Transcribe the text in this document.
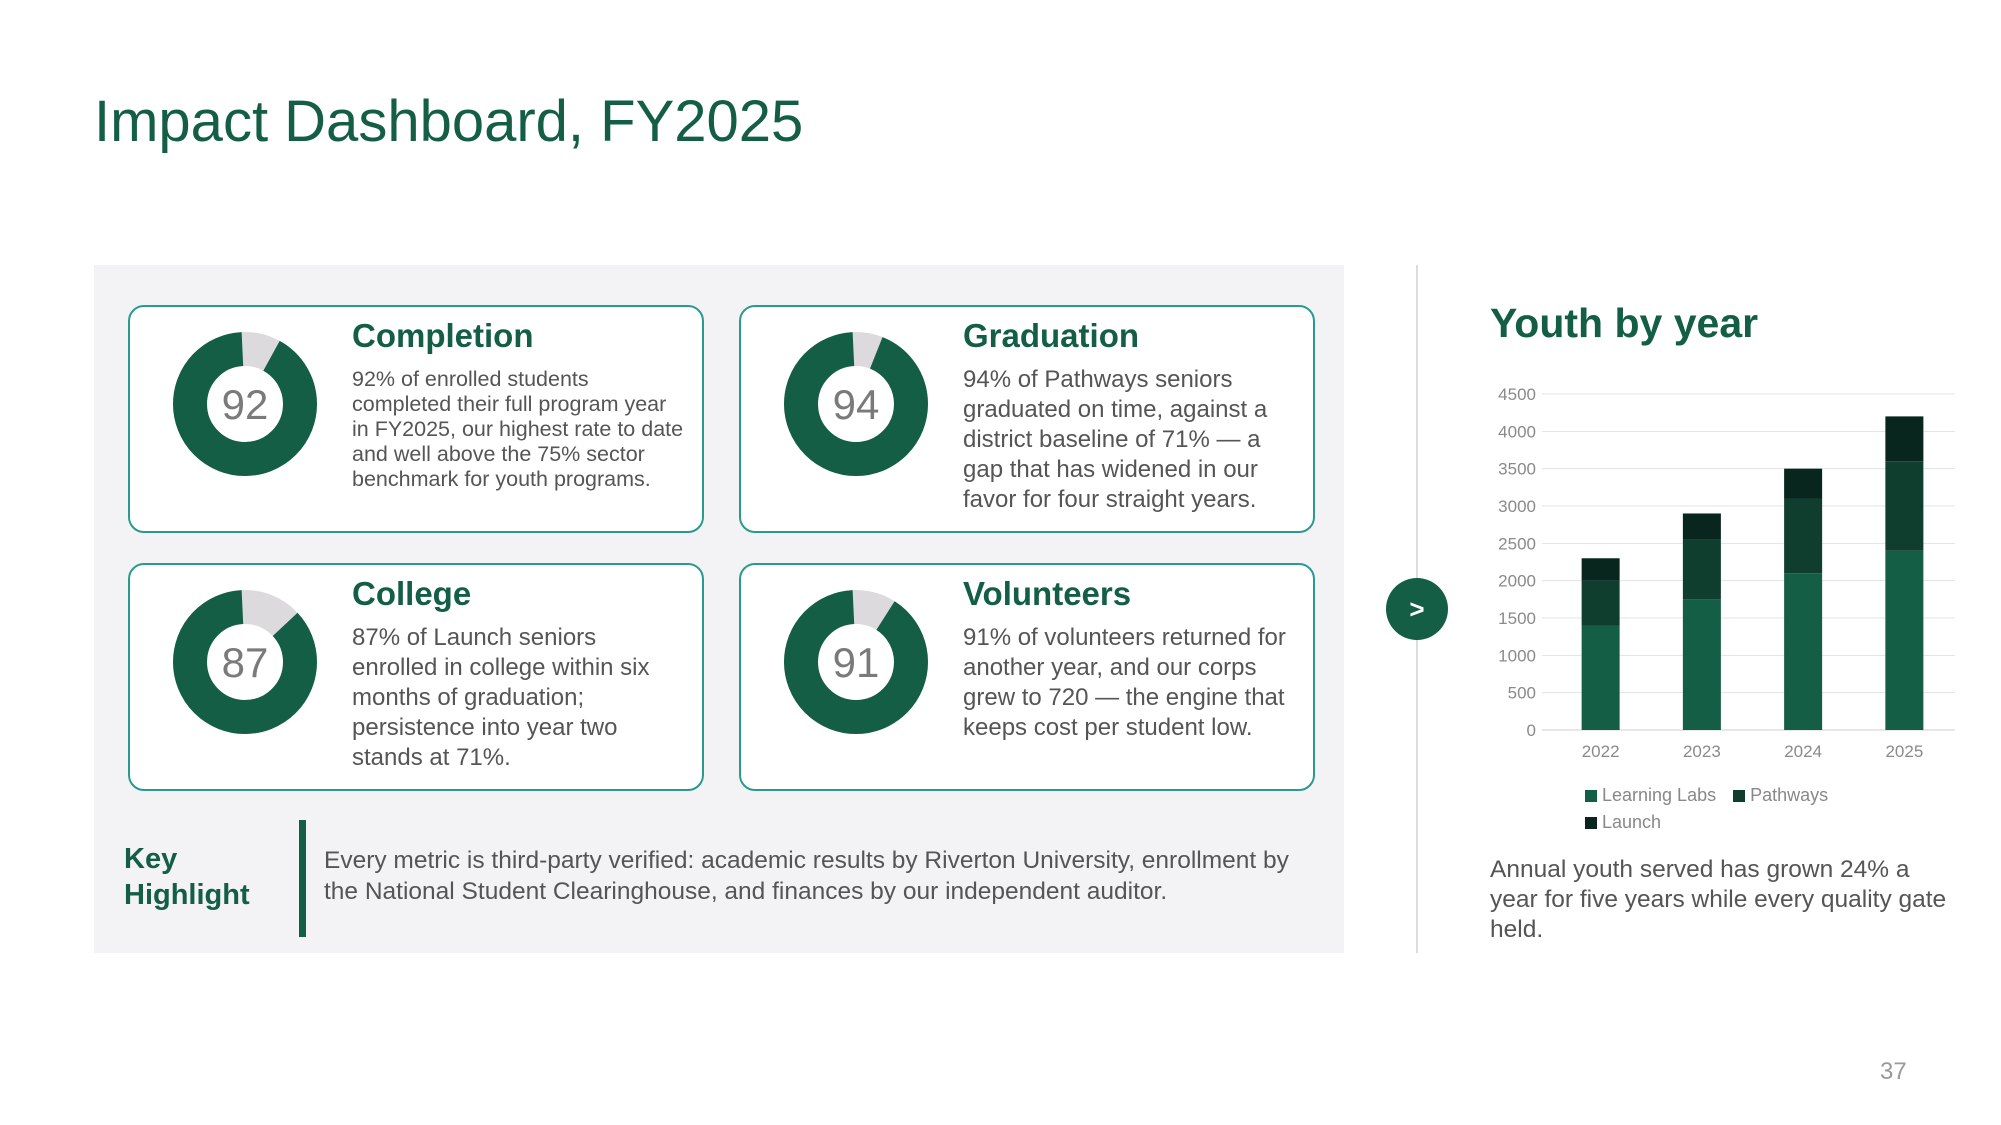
Impact Dashboard, FY2025
92
Completion

92% of enrolled students completed their full program year in FY2025, our highest rate to date and well above the 75% sector benchmark for youth programs.

94
Graduation

94% of Pathways seniors graduated on time, against a district baseline of 71% — a gap that has widened in our favor for four straight years.

87
College

87% of Launch seniors enrolled in college within six months of graduation; persistence into year two stands at 71%.

91
Volunteers

91% of volunteers returned for another year, and our corps grew to 720 — the engine that keeps cost per student low.

Key
Highlight
Every metric is third-party verified: academic results by Riverton University, enrollment by the National Student Clearinghouse, and finances by our independent auditor.
>
Youth by year
0
500
1000
1500
2000
2500
3000
3500
4000
4500
2022	2023	2024	2025
Learning Labs Pathways
Launch
Annual youth served has grown 24% a year for five years while every quality gate held.
37
